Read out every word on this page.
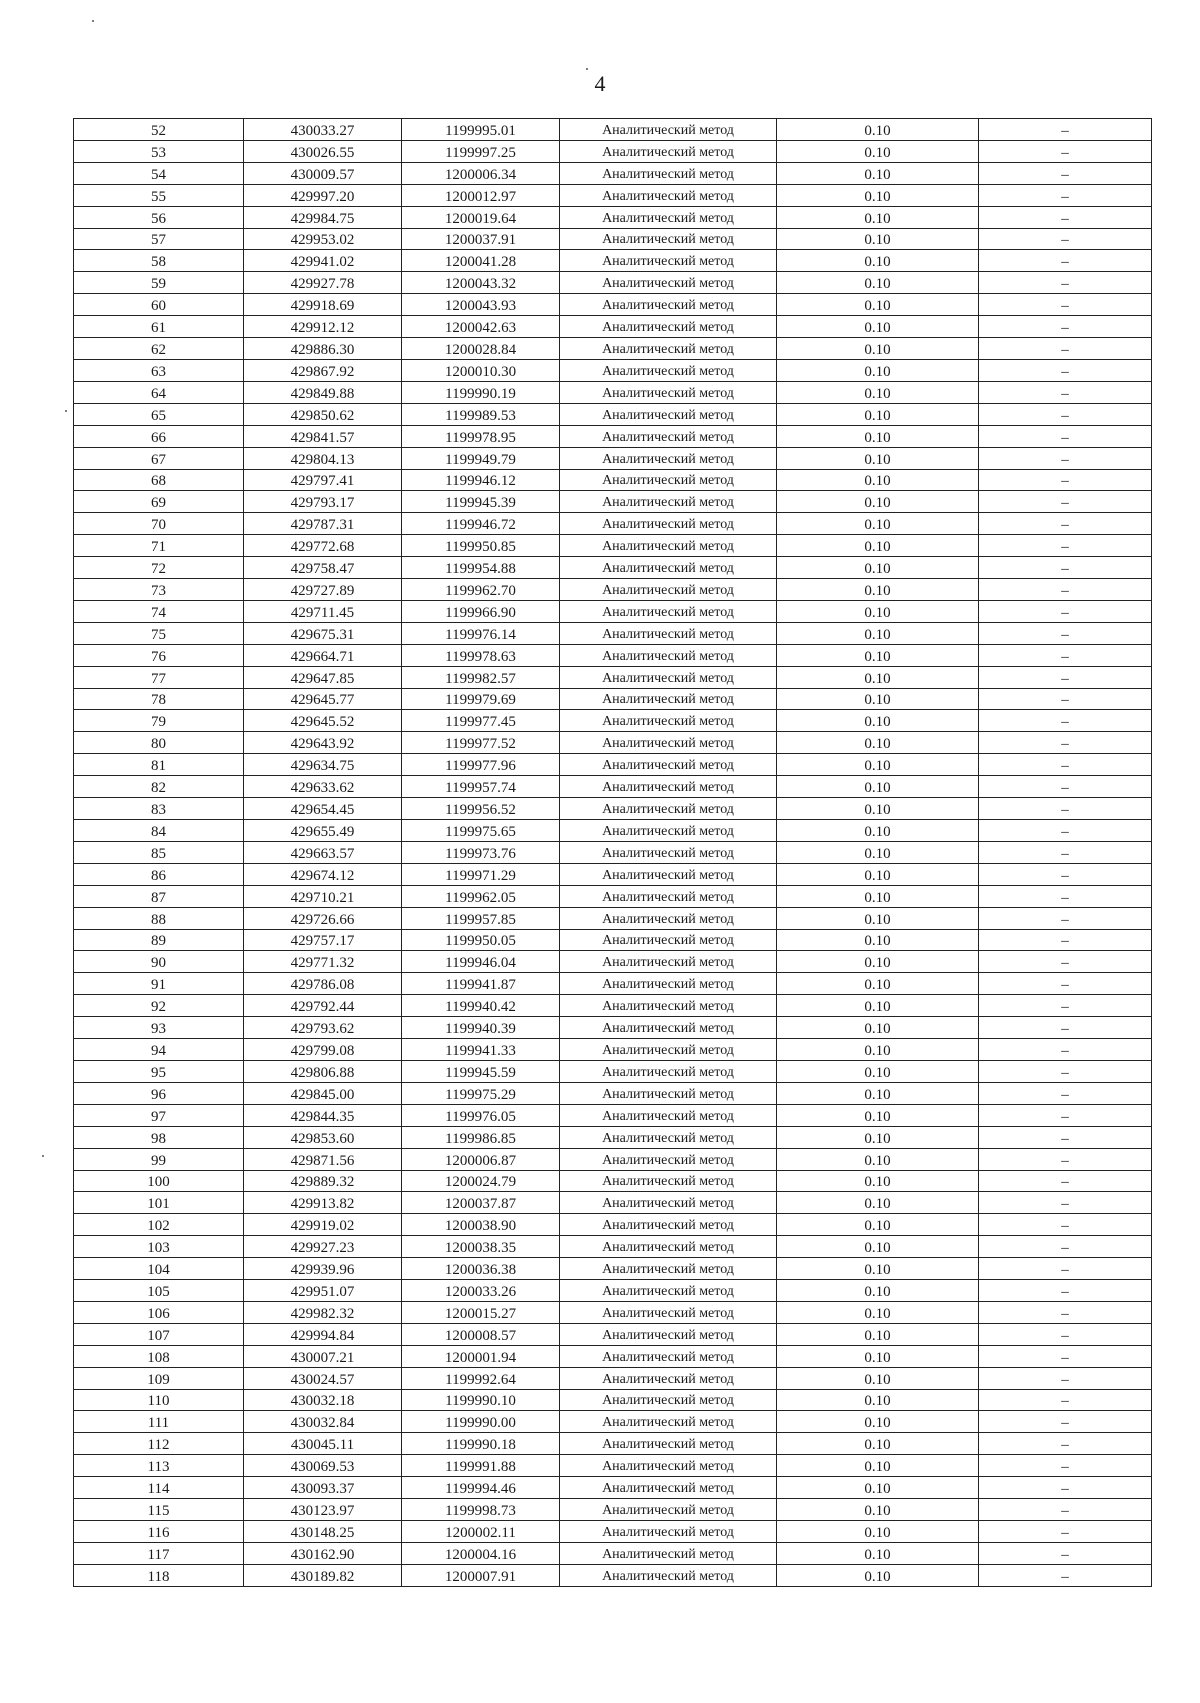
4
52	430033.27	1199995.01	Аналитический метод	0.10	–
53	430026.55	1199997.25	Аналитический метод	0.10	–
54	430009.57	1200006.34	Аналитический метод	0.10	–
55	429997.20	1200012.97	Аналитический метод	0.10	–
56	429984.75	1200019.64	Аналитический метод	0.10	–
57	429953.02	1200037.91	Аналитический метод	0.10	–
58	429941.02	1200041.28	Аналитический метод	0.10	–
59	429927.78	1200043.32	Аналитический метод	0.10	–
60	429918.69	1200043.93	Аналитический метод	0.10	–
61	429912.12	1200042.63	Аналитический метод	0.10	–
62	429886.30	1200028.84	Аналитический метод	0.10	–
63	429867.92	1200010.30	Аналитический метод	0.10	–
64	429849.88	1199990.19	Аналитический метод	0.10	–
65	429850.62	1199989.53	Аналитический метод	0.10	–
66	429841.57	1199978.95	Аналитический метод	0.10	–
67	429804.13	1199949.79	Аналитический метод	0.10	–
68	429797.41	1199946.12	Аналитический метод	0.10	–
69	429793.17	1199945.39	Аналитический метод	0.10	–
70	429787.31	1199946.72	Аналитический метод	0.10	–
71	429772.68	1199950.85	Аналитический метод	0.10	–
72	429758.47	1199954.88	Аналитический метод	0.10	–
73	429727.89	1199962.70	Аналитический метод	0.10	–
74	429711.45	1199966.90	Аналитический метод	0.10	–
75	429675.31	1199976.14	Аналитический метод	0.10	–
76	429664.71	1199978.63	Аналитический метод	0.10	–
77	429647.85	1199982.57	Аналитический метод	0.10	–
78	429645.77	1199979.69	Аналитический метод	0.10	–
79	429645.52	1199977.45	Аналитический метод	0.10	–
80	429643.92	1199977.52	Аналитический метод	0.10	–
81	429634.75	1199977.96	Аналитический метод	0.10	–
82	429633.62	1199957.74	Аналитический метод	0.10	–
83	429654.45	1199956.52	Аналитический метод	0.10	–
84	429655.49	1199975.65	Аналитический метод	0.10	–
85	429663.57	1199973.76	Аналитический метод	0.10	–
86	429674.12	1199971.29	Аналитический метод	0.10	–
87	429710.21	1199962.05	Аналитический метод	0.10	–
88	429726.66	1199957.85	Аналитический метод	0.10	–
89	429757.17	1199950.05	Аналитический метод	0.10	–
90	429771.32	1199946.04	Аналитический метод	0.10	–
91	429786.08	1199941.87	Аналитический метод	0.10	–
92	429792.44	1199940.42	Аналитический метод	0.10	–
93	429793.62	1199940.39	Аналитический метод	0.10	–
94	429799.08	1199941.33	Аналитический метод	0.10	–
95	429806.88	1199945.59	Аналитический метод	0.10	–
96	429845.00	1199975.29	Аналитический метод	0.10	–
97	429844.35	1199976.05	Аналитический метод	0.10	–
98	429853.60	1199986.85	Аналитический метод	0.10	–
99	429871.56	1200006.87	Аналитический метод	0.10	–
100	429889.32	1200024.79	Аналитический метод	0.10	–
101	429913.82	1200037.87	Аналитический метод	0.10	–
102	429919.02	1200038.90	Аналитический метод	0.10	–
103	429927.23	1200038.35	Аналитический метод	0.10	–
104	429939.96	1200036.38	Аналитический метод	0.10	–
105	429951.07	1200033.26	Аналитический метод	0.10	–
106	429982.32	1200015.27	Аналитический метод	0.10	–
107	429994.84	1200008.57	Аналитический метод	0.10	–
108	430007.21	1200001.94	Аналитический метод	0.10	–
109	430024.57	1199992.64	Аналитический метод	0.10	–
110	430032.18	1199990.10	Аналитический метод	0.10	–
111	430032.84	1199990.00	Аналитический метод	0.10	–
112	430045.11	1199990.18	Аналитический метод	0.10	–
113	430069.53	1199991.88	Аналитический метод	0.10	–
114	430093.37	1199994.46	Аналитический метод	0.10	–
115	430123.97	1199998.73	Аналитический метод	0.10	–
116	430148.25	1200002.11	Аналитический метод	0.10	–
117	430162.90	1200004.16	Аналитический метод	0.10	–
118	430189.82	1200007.91	Аналитический метод	0.10	–
